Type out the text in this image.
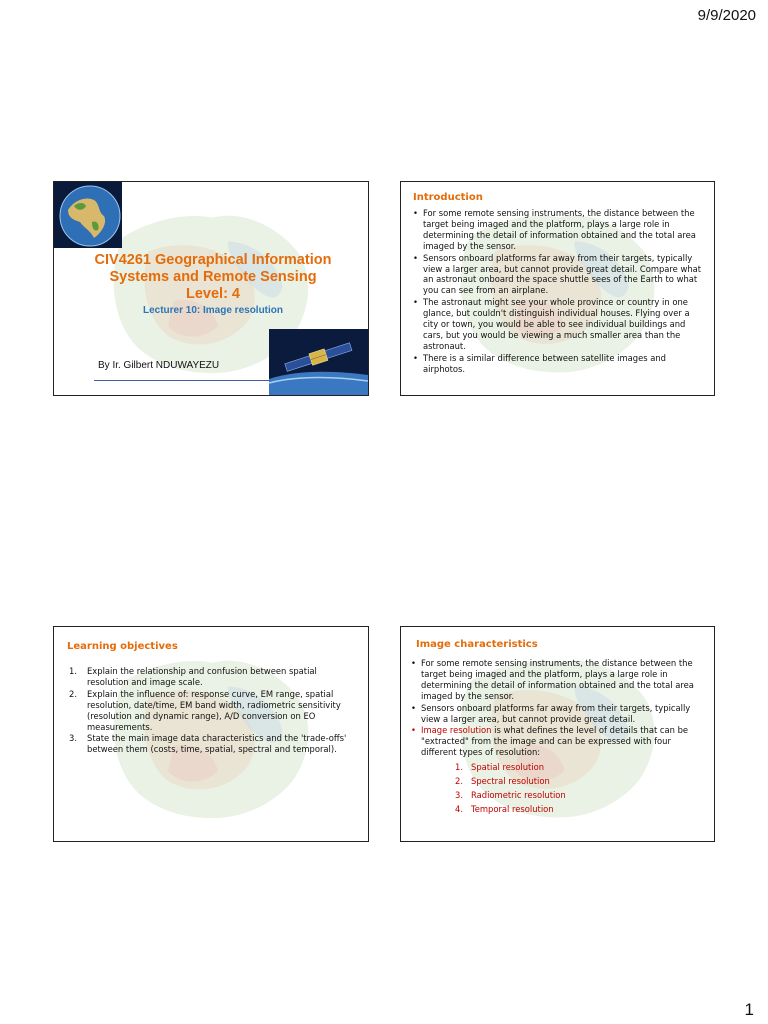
9/9/2020
CIV4261 Geographical Information Systems and Remote Sensing
Level: 4
Lecturer 10: Image resolution
By Ir. Gilbert NDUWAYEZU
Introduction
• For some remote sensing instruments, the distance between the target being imaged and the platform, plays a large role in determining the detail of information obtained and the total area imaged by the sensor.
• Sensors onboard platforms far away from their targets, typically view a larger area, but cannot provide great detail. Compare what an astronaut onboard the space shuttle sees of the Earth to what you can see from an airplane.
• The astronaut might see your whole province or country in one glance, but couldn't distinguish individual houses. Flying over a city or town, you would be able to see individual buildings and cars, but you would be viewing a much smaller area than the astronaut.
• There is a similar difference between satellite images and airphotos.
Learning objectives
1. Explain the relationship and confusion between spatial resolution and image scale.
2. Explain the influence of: response curve, EM range, spatial resolution, date/time, EM band width, radiometric sensitivity (resolution and dynamic range), A/D conversion on EO measurements.
3. State the main image data characteristics and the 'trade-offs' between them (costs, time, spatial, spectral and temporal).
Image characteristics
• For some remote sensing instruments, the distance between the target being imaged and the platform, plays a large role in determining the detail of information obtained and the total area imaged by the sensor.
• Sensors onboard platforms far away from their targets, typically view a larger area, but cannot provide great detail.
• Image resolution is what defines the level of details that can be "extracted" from the image and can be expressed with four different types of resolution:
1. Spatial resolution
2. Spectral resolution
3. Radiometric resolution
4. Temporal resolution
1
